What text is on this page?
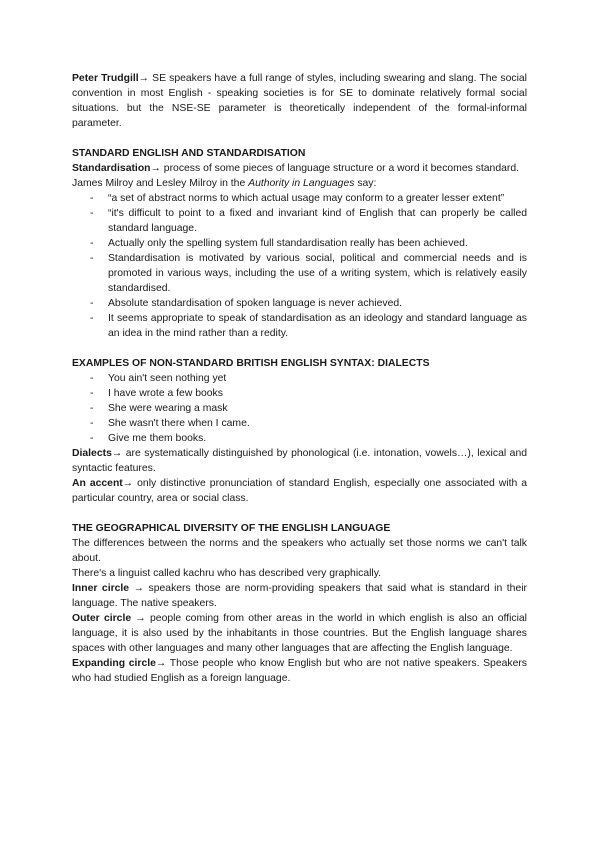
Peter Trudgill→ SE speakers have a full range of styles, including swearing and slang. The social convention in most English - speaking societies is for SE to dominate relatively formal social situations. but the NSE-SE parameter is theoretically independent of the formal-informal parameter.

STANDARD ENGLISH AND STANDARDISATION

Standardisation→ process of some pieces of language structure or a word it becomes standard.

James Milroy and Lesley Milroy in the Authority in Languages say:

- “a set of abstract norms to which actual usage may conform to a greater lesser extent”
- “it's difficult to point to a fixed and invariant kind of English that can properly be called standard language.
- Actually only the spelling system full standardisation really has been achieved.
- Standardisation is motivated by various social, political and commercial needs and is promoted in various ways, including the use of a writing system, which is relatively easily standardised.
- Absolute standardisation of spoken language is never achieved.
- It seems appropriate to speak of standardisation as an ideology and standard language as an idea in the mind rather than a redity.

EXAMPLES OF NON-STANDARD BRITISH ENGLISH SYNTAX: DIALECTS

- You ain't seen nothing yet
- I have wrote a few books
- She were wearing a mask
- She wasn't there when I came.
- Give me them books.

Dialects→ are systematically distinguished by phonological (i.e. intonation, vowels…), lexical and syntactic features.

An accent→ only distinctive pronunciation of standard English, especially one associated with a particular country, area or social class.

THE GEOGRAPHICAL DIVERSITY OF THE ENGLISH LANGUAGE

The differences between the norms and the speakers who actually set those norms we can't talk about.

There's a linguist called kachru who has described very graphically.

Inner circle → speakers those are norm-providing speakers that said what is standard in their language. The native speakers.

Outer circle → people coming from other areas in the world in which english is also an official language, it is also used by the inhabitants in those countries. But the English language shares spaces with other languages and many other languages that are affecting the English language.

Expanding circle→ Those people who know English but who are not native speakers. Speakers who had studied English as a foreign language.
